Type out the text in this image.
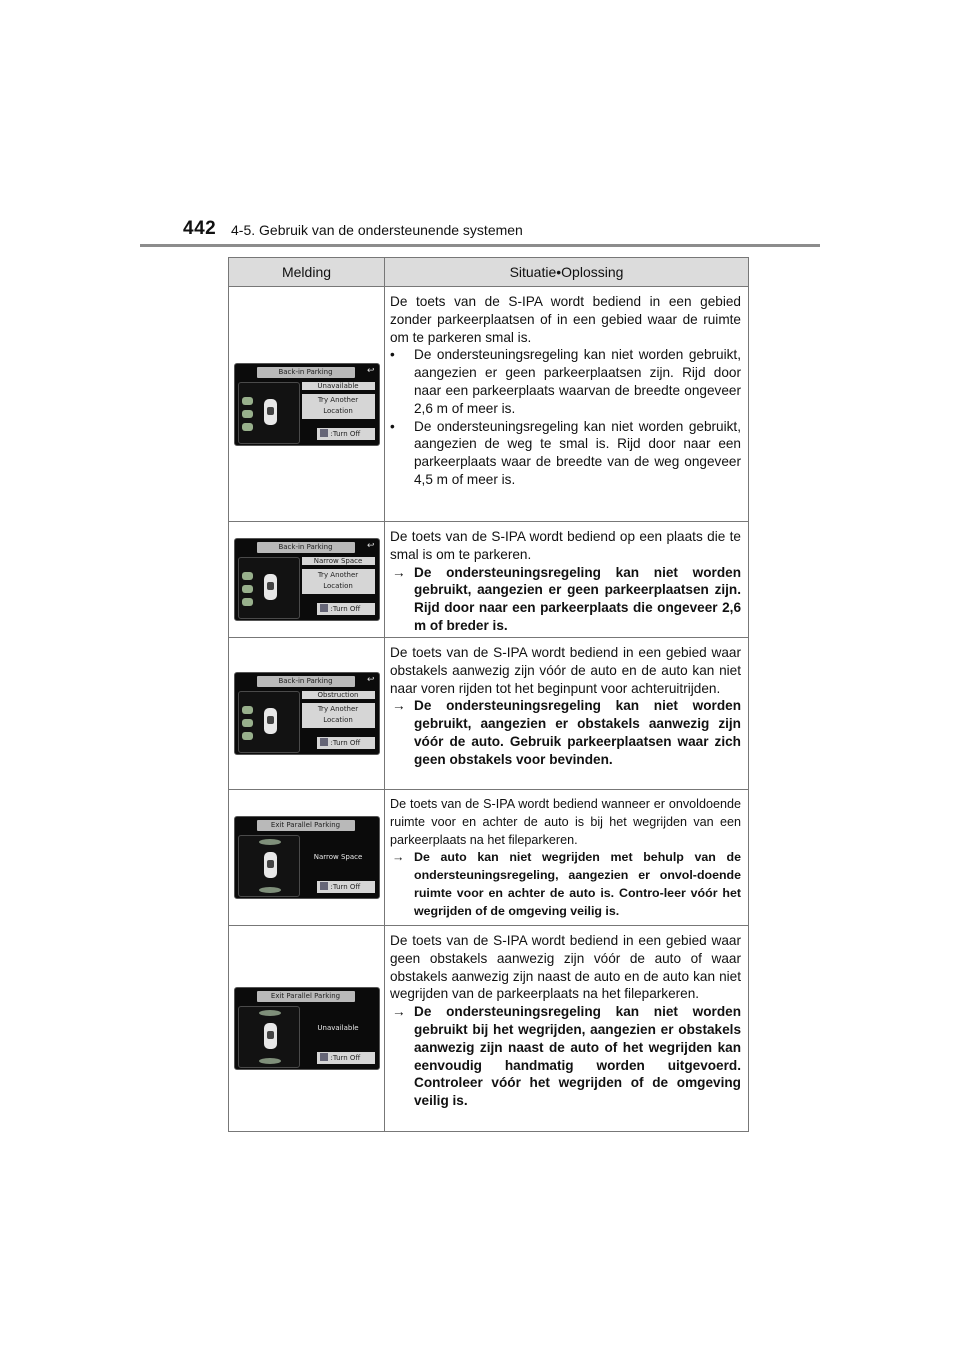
442 4-5. Gebruik van de ondersteunende systemen
Melding	Situatie•Oplossing
Back-in Parking	↩
Unavailable
Try Another
Location
:Turn Off

De toets van de S-IPA wordt bediend in een gebied zonder parkeerplaatsen of in een gebied waar de ruimte om te parkeren smal is.

• De ondersteuningsregeling kan niet worden gebruikt, aangezien er geen parkeerplaatsen zijn. Rijd door naar een parkeerplaats waarvan de breedte ongeveer 2,6 m of meer is.

• De ondersteuningsregeling kan niet worden gebruikt, aangezien de weg te smal is. Rijd door naar een parkeerplaats waar de breedte van de weg ongeveer 4,5 m of meer is.

Back-in Parking	↩
Narrow Space
Try Another
Location
:Turn Off

De toets van de S-IPA wordt bediend op een plaats die te smal is om te parkeren.

→ De ondersteuningsregeling kan niet worden gebruikt, aangezien er geen parkeerplaatsen zijn. Rijd door naar een parkeerplaats die ongeveer 2,6 m of breder is.

Back-in Parking	↩
Obstruction
Try Another
Location
:Turn Off

De toets van de S-IPA wordt bediend in een gebied waar obstakels aanwezig zijn vóór de auto en de auto kan niet naar voren rijden tot het beginpunt voor achteruitrijden.

→ De ondersteuningsregeling kan niet worden gebruikt, aangezien er obstakels aanwezig zijn vóór de auto. Gebruik parkeerplaatsen waar zich geen obstakels voor bevinden.

Exit Parallel Parking
Narrow Space
:Turn Off

De toets van de S-IPA wordt bediend wanneer er onvoldoende ruimte voor en achter de auto is bij het wegrijden van een parkeerplaats na het fileparkeren.

→ De auto kan niet wegrijden met behulp van de ondersteuningsregeling, aangezien er onvol-doende ruimte voor en achter de auto is. Contro-leer vóór het wegrijden of de omgeving veilig is.

Exit Parallel Parking
Unavailable
:Turn Off

De toets van de S-IPA wordt bediend in een gebied waar geen obstakels aanwezig zijn vóór de auto of waar obstakels aanwezig zijn naast de auto en de auto kan niet wegrijden van de parkeerplaats na het fileparkeren.

→ De ondersteuningsregeling kan niet worden gebruikt bij het wegrijden, aangezien er obstakels aanwezig zijn naast de auto of het wegrijden kan eenvoudig handmatig worden uitgevoerd. Controleer vóór het wegrijden of de omgeving veilig is.
